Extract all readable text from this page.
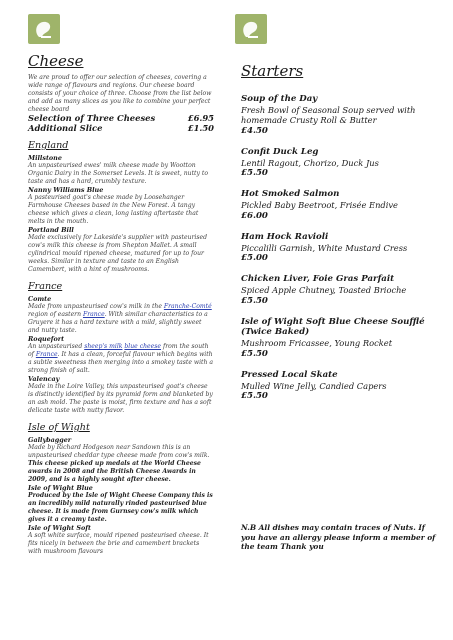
Cheese
We are proud to offer our selection of cheeses, covering a wide range of flavours and regions. Our cheese board consists of your choice of three. Choose from the list below and add as many slices as you like to combine your perfect cheese board
Selection of Three Cheeses	£6.95
Additional Slice	£1.50
England
Millstone
An unpasteurised ewes' milk cheese made by Wootton Organic Dairy in the Somerset Levels. It is sweet, nutty to taste and has a hard, crumbly texture.
Nanny Williams Blue
A pasteurised goat's cheese made by Loosehanger Farmhouse Cheeses based in the New Forest. A tangy cheese which gives a clean, long lasting aftertaste that melts in the mouth.
Portland Bill
Made exclusively for Lakeside's supplier with pasteurised cow's milk this cheese is from Shepton Mallet. A small cylindrical mould ripened cheese, matured for up to four weeks. Similar in texture and taste to an English Camembert, with a hint of mushrooms.
France
Comte
Made from unpasteurised cow's milk in the Franche-Comté region of eastern France. With similar characteristics to a Gruyere it has a hard texture with a mild, slightly sweet and nutty taste.
Roquefort
An unpasteurised sheep's milk blue cheese from the south of France. It has a clean, forceful flavour which begins with a subtle sweetness then merging into a smokey taste with a strong finish of salt.
Valencay
Made in the Loire Valley, this unpasteurised goat's cheese is distinctly identified by its pyramid form and blanketed by an ash mold. The paste is moist, firm texture and has a soft delicate taste with nutty flavor.
Isle of Wight
Gallybagger
Made by Richard Hodgeson near Sandown this is an unpasteurised cheddar type cheese made from cow's milk. This cheese picked up medals at the World Cheese awards in 2008 and the British Cheese Awards in 2009, and is a highly sought after cheese.
Isle of Wight Blue
Produced by the Isle of Wight Cheese Company this is an incredibly mild naturally rinded pasteurised blue cheese. It is made from Gurnsey cow's milk which gives it a creamy taste.
Isle of Wight Soft
A soft white surface, mould ripened pasteurised cheese. It fits nicely in between the brie and camembert brackets with mushroom flavours
Starters
Soup of the Day
Fresh Bowl of Seasonal Soup served with homemade Crusty Roll & Butter
£4.50
Confit Duck Leg
Lentil Ragout, Chorizo, Duck Jus
£5.50
Hot Smoked Salmon
Pickled Baby Beetroot, Frisée Endive
£6.00
Ham Hock Ravioli
Piccalilli Garnish, White Mustard Cress
£5.00
Chicken Liver, Foie Gras Parfait
Spiced Apple Chutney, Toasted Brioche
£5.50
Isle of Wight Soft Blue Cheese Soufflé (Twice Baked)
Mushroom Fricassee, Young Rocket
£5.50
Pressed Local Skate
Mulled Wine Jelly, Candied Capers
£5.50
N.B All dishes may contain traces of Nuts. If you have an allergy please inform a member of the team Thank you
